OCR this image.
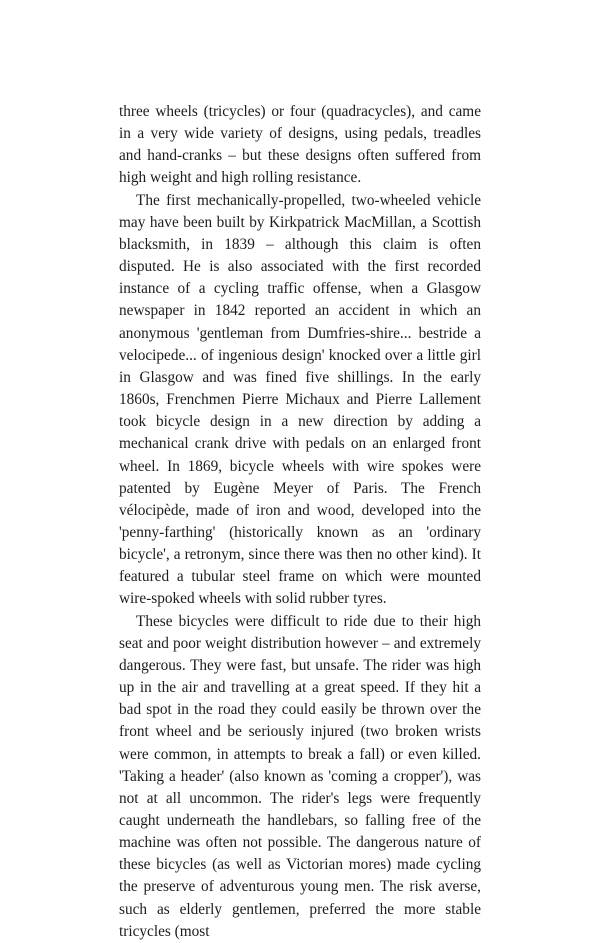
three wheels (tricycles) or four (quadracycles), and came in a very wide variety of designs, using pedals, treadles and hand-cranks – but these designs often suffered from high weight and high rolling resistance.

The first mechanically-propelled, two-wheeled vehicle may have been built by Kirkpatrick MacMillan, a Scottish blacksmith, in 1839 – although this claim is often disputed. He is also associated with the first recorded instance of a cycling traffic offense, when a Glasgow newspaper in 1842 reported an accident in which an anonymous 'gentleman from Dumfries-shire... bestride a velocipede... of ingenious design' knocked over a little girl in Glasgow and was fined five shillings. In the early 1860s, Frenchmen Pierre Michaux and Pierre Lallement took bicycle design in a new direction by adding a mechanical crank drive with pedals on an enlarged front wheel. In 1869, bicycle wheels with wire spokes were patented by Eugène Meyer of Paris. The French vélocipède, made of iron and wood, developed into the 'penny-farthing' (historically known as an 'ordinary bicycle', a retronym, since there was then no other kind). It featured a tubular steel frame on which were mounted wire-spoked wheels with solid rubber tyres.

These bicycles were difficult to ride due to their high seat and poor weight distribution however – and extremely dangerous. They were fast, but unsafe. The rider was high up in the air and travelling at a great speed. If they hit a bad spot in the road they could easily be thrown over the front wheel and be seriously injured (two broken wrists were common, in attempts to break a fall) or even killed. 'Taking a header' (also known as 'coming a cropper'), was not at all uncommon. The rider's legs were frequently caught underneath the handlebars, so falling free of the machine was often not possible. The dangerous nature of these bicycles (as well as Victorian mores) made cycling the preserve of adventurous young men. The risk averse, such as elderly gentlemen, preferred the more stable tricycles (most
